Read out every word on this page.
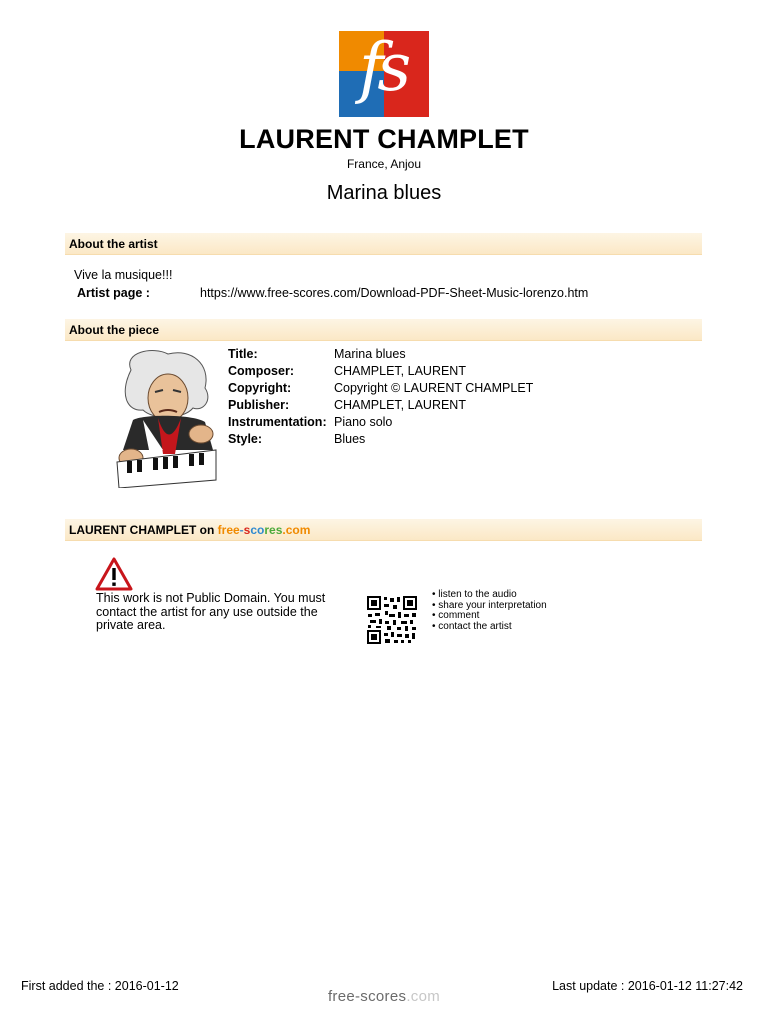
fs
LAURENT CHAMPLET
France, Anjou
Marina blues
About the artist
Vive la musique!!!
Artist page :	https://www.free-scores.com/Download-PDF-Sheet-Music-lorenzo.htm
About the piece
Title:	Marina blues
Composer:	CHAMPLET, LAURENT
Copyright:	Copyright © LAURENT CHAMPLET
Publisher:	CHAMPLET, LAURENT
Instrumentation: Piano solo
Style:	Blues
LAURENT CHAMPLET on free-scores.com
This work is not Public Domain. You must contact the artist for any use outside the private area.
• listen to the audio
• share your interpretation
• comment
• contact the artist
First added the : 2016-01-12	Last update : 2016-01-12 11:27:42
free-scores.com
